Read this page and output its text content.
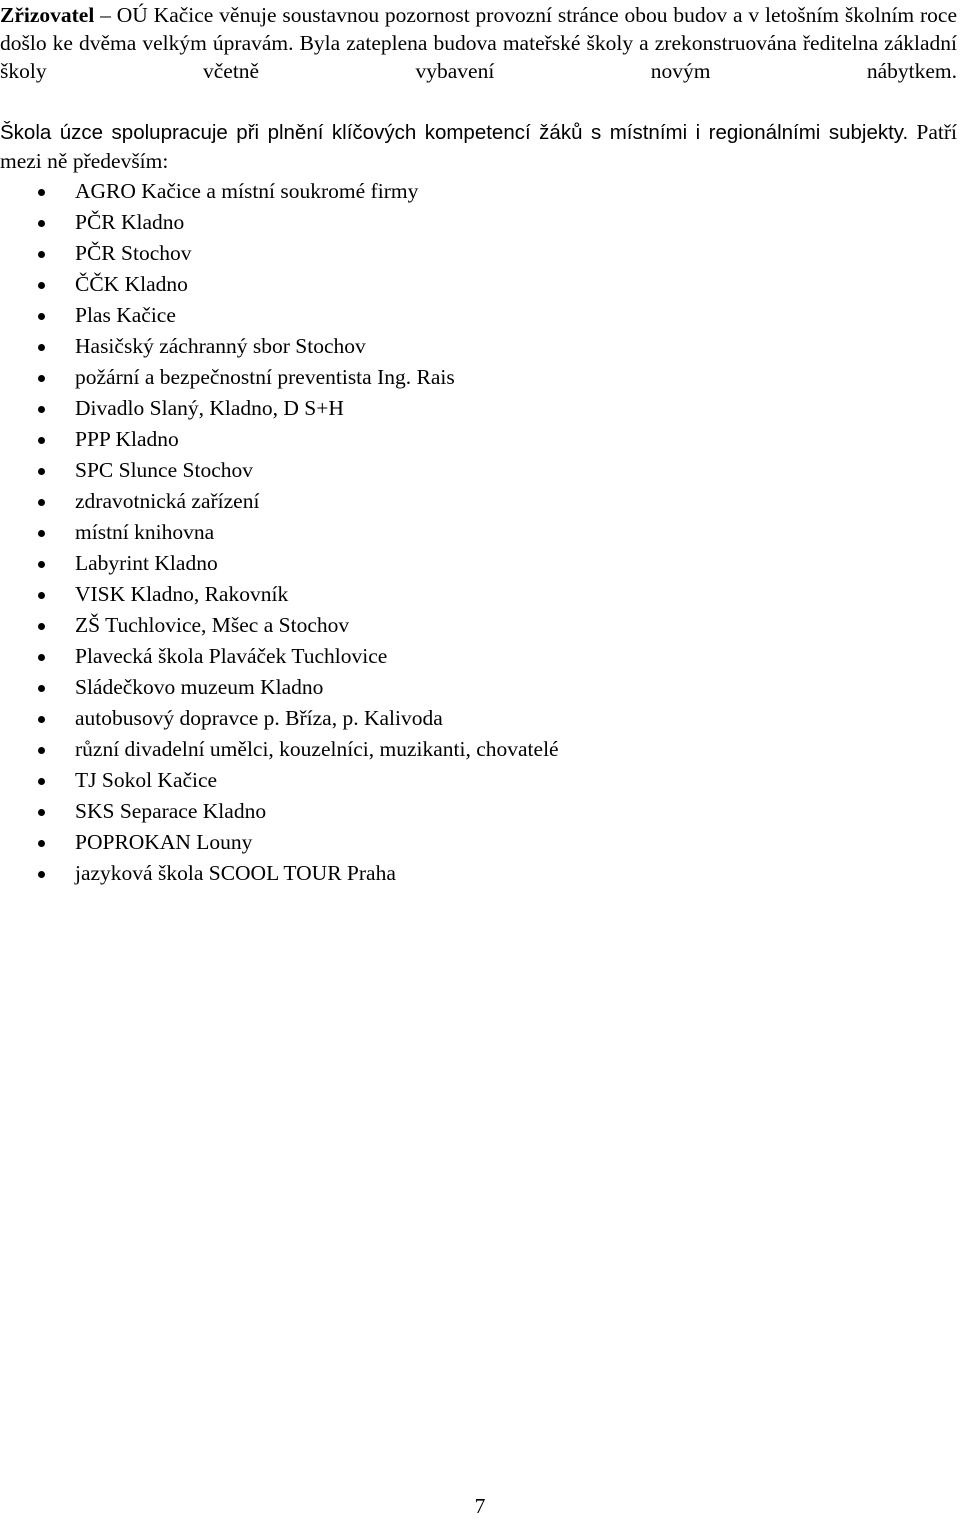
Zřizovatel – OÚ Kačice věnuje soustavnou pozornost provozní stránce obou budov a v letošním školním roce došlo ke dvěma velkým úpravám. Byla zateplena budova mateřské školy a zrekonstruována ředitelna základní školy včetně vybavení novým nábytkem.

Škola úzce spolupracuje při plnění klíčových kompetencí žáků s místními i regionálními subjekty. Patří mezi ně především:

AGRO Kačice a místní soukromé firmy
PČR Kladno
PČR Stochov
ČČK Kladno
Plas Kačice
Hasičský záchranný sbor Stochov
požární a bezpečnostní preventista Ing. Rais
Divadlo Slaný, Kladno, D S+H
PPP Kladno
SPC Slunce Stochov
zdravotnická zařízení
místní knihovna
Labyrint Kladno
VISK Kladno, Rakovník
ZŠ Tuchlovice, Mšec a Stochov
Plavecká škola Plaváček Tuchlovice
Sládečkovo muzeum Kladno
autobusový dopravce p. Bříza, p. Kalivoda
různí divadelní umělci, kouzelníci, muzikanti, chovatelé
TJ Sokol Kačice
SKS Separace Kladno
POPROKAN Louny
jazyková škola SCOOL TOUR Praha
7
